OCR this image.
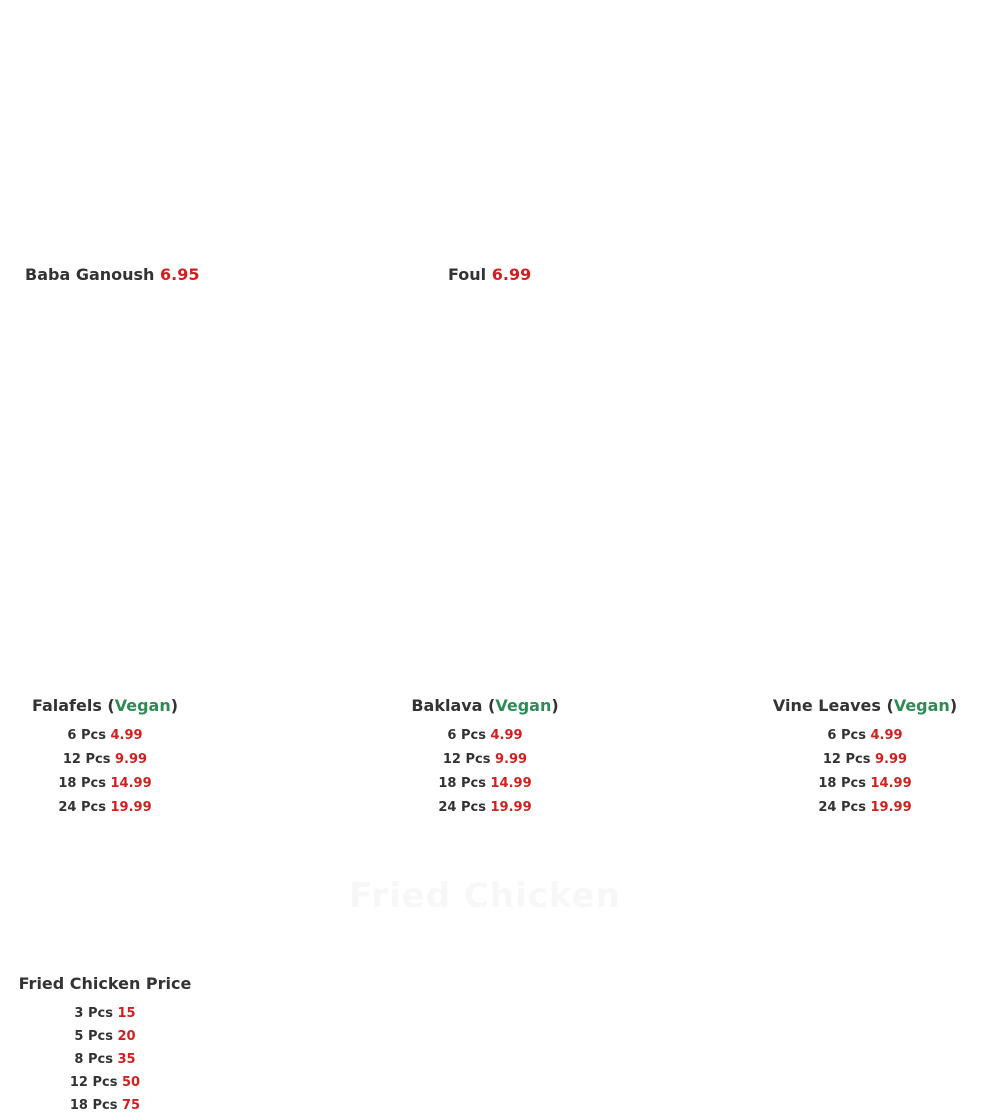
Baba Ganoush 6.95	Foul 6.99
Falafels (Vegan)
6 Pcs 4.99
12 Pcs 9.99
18 Pcs 14.99
24 Pcs 19.99
Baklava (Vegan)
6 Pcs 4.99
12 Pcs 9.99
18 Pcs 14.99
24 Pcs 19.99
Vine Leaves (Vegan)
6 Pcs 4.99
12 Pcs 9.99
18 Pcs 14.99
24 Pcs 19.99
Fried Chicken
Fried Chicken Price
3 Pcs 15
5 Pcs 20
8 Pcs 35
12 Pcs 50
18 Pcs 75
